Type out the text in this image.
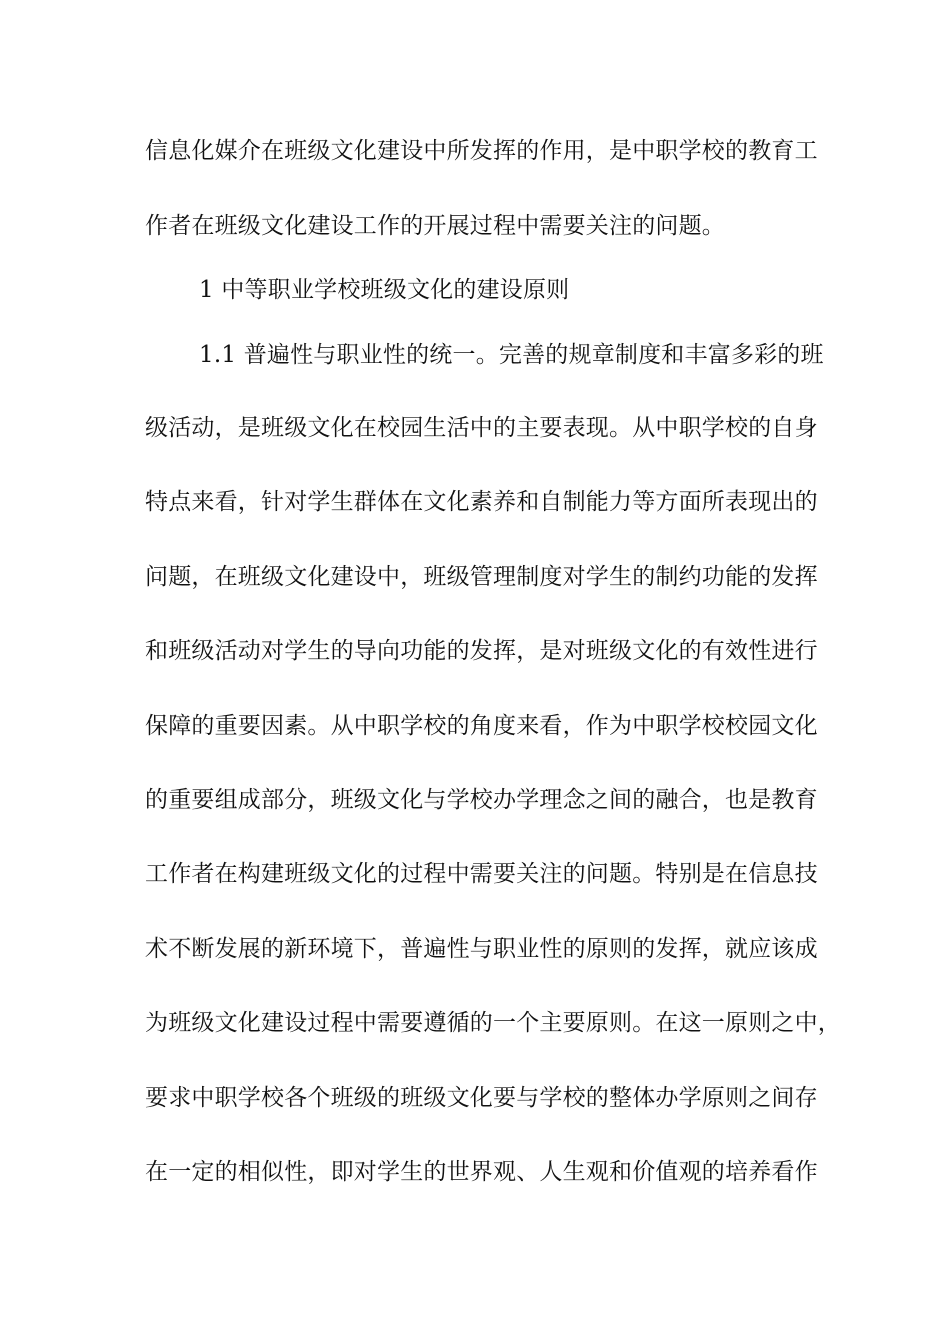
信息化媒介在班级文化建设中所发挥的作用，是中职学校的教育工
作者在班级文化建设工作的开展过程中需要关注的问题。
1 中等职业学校班级文化的建设原则
1.1 普遍性与职业性的统一。完善的规章制度和丰富多彩的班
级活动，是班级文化在校园生活中的主要表现。从中职学校的自身
特点来看，针对学生群体在文化素养和自制能力等方面所表现出的
问题，在班级文化建设中，班级管理制度对学生的制约功能的发挥
和班级活动对学生的导向功能的发挥，是对班级文化的有效性进行
保障的重要因素。从中职学校的角度来看，作为中职学校校园文化
的重要组成部分，班级文化与学校办学理念之间的融合，也是教育
工作者在构建班级文化的过程中需要关注的问题。特别是在信息技
术不断发展的新环境下，普遍性与职业性的原则的发挥，就应该成
为班级文化建设过程中需要遵循的一个主要原则。在这一原则之中，
要求中职学校各个班级的班级文化要与学校的整体办学原则之间存
在一定的相似性，即对学生的世界观、人生观和价值观的培养看作
